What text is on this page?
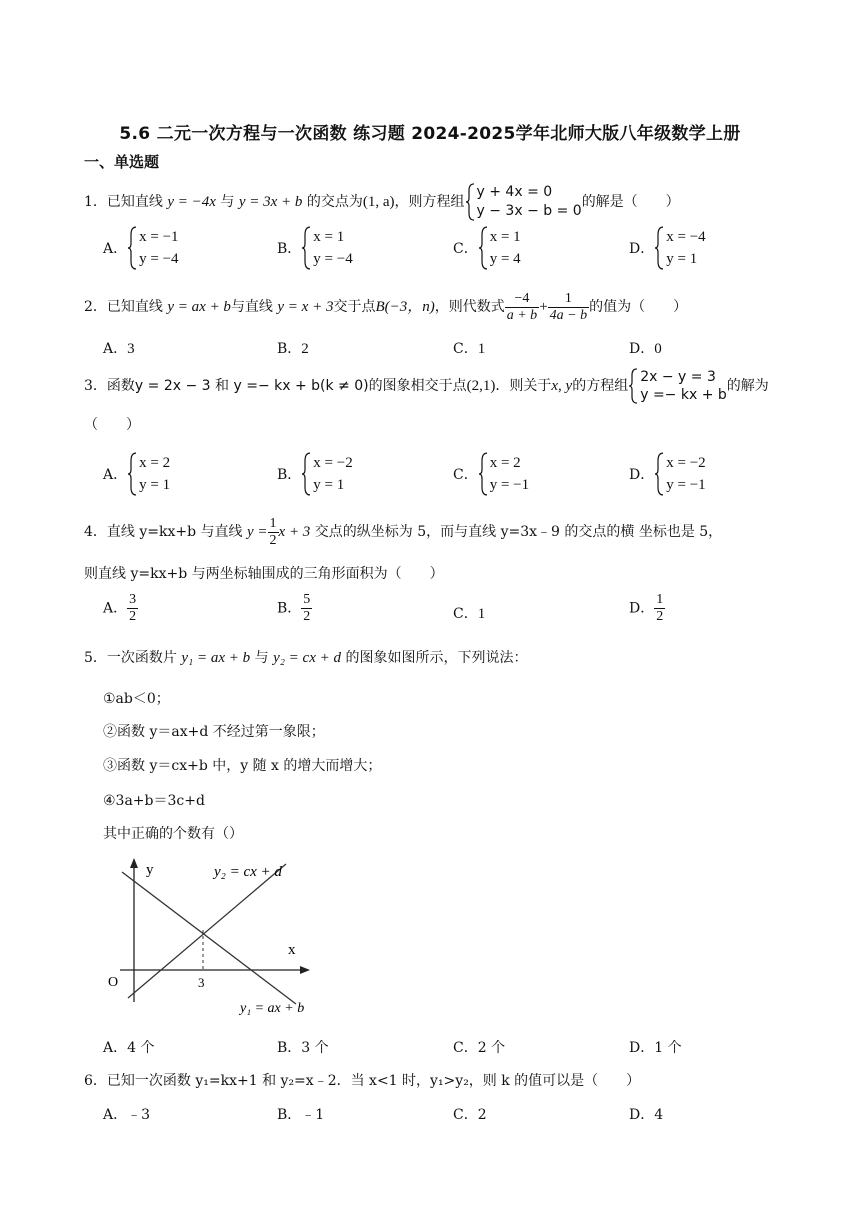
5.6 二元一次方程与一次函数 练习题 2024-2025学年北师大版八年级数学上册
一、单选题
1．已知直线 y = −4x 与 y = 3x + b 的交点为(1, a)，则方程组
y + 4x = 0
y − 3x − b = 0
的解是（　　）
A．
x = −1
y = −4
B．
x = 1
y = −4
C．
x = 1
y = 4
D．
x = −4
y = 1
2．已知直线 y = ax + b与直线 y = x + 3交于点B(−3，n)，则代数式 $\frac{-4}{a + b} + \frac{1}{4a - b}$ 的值为（　　）
A．3	B．2	C．1	D．0
3．函数y = 2x − 3 和 y =− kx + b(k ≠ 0)的图象相交于点(2,1)．则关于x, y的方程组
2x − y = 3
y =− kx + b
的解为
（　　）
A．
x = 2
y = 1
B．
x = −2
y = 1
C．
x = 2
y = −1
D．
x = −2
y = −1
4．直线 y=kx+b 与直线 $y = \frac{1}{2}$ x + 3 交点的纵坐标为 5，而与直线 y=3x﹣9 的交点的横 坐标也是 5，
则直线 y=kx+b 与两坐标轴围成的三角形面积为（　　）
A． $\frac{3}{2}$	B． $\frac{5}{2}$	C．1	D． $\frac{1}{2}$
5．一次函数片 y₁ = ax + b 与 y₂ = cx + d 的图象如图所示，下列说法：
①ab＜0；
②函数 y＝ax+d 不经过第一象限；
③函数 y＝cx+b 中，y 随 x 的增大而增大；
④3a+b＝3c+d
其中正确的个数有（）
y
x
O	3
y₂ = cx + d
y₁ = ax + b
A．4 个	B．3 个	C．2 个	D．1 个
6．已知一次函数 y₁=kx+1 和 y₂=x﹣2．当 x<1 时，y₁>y₂，则 k 的值可以是（　　）
A．﹣3	B．﹣1	C．2	D．4
